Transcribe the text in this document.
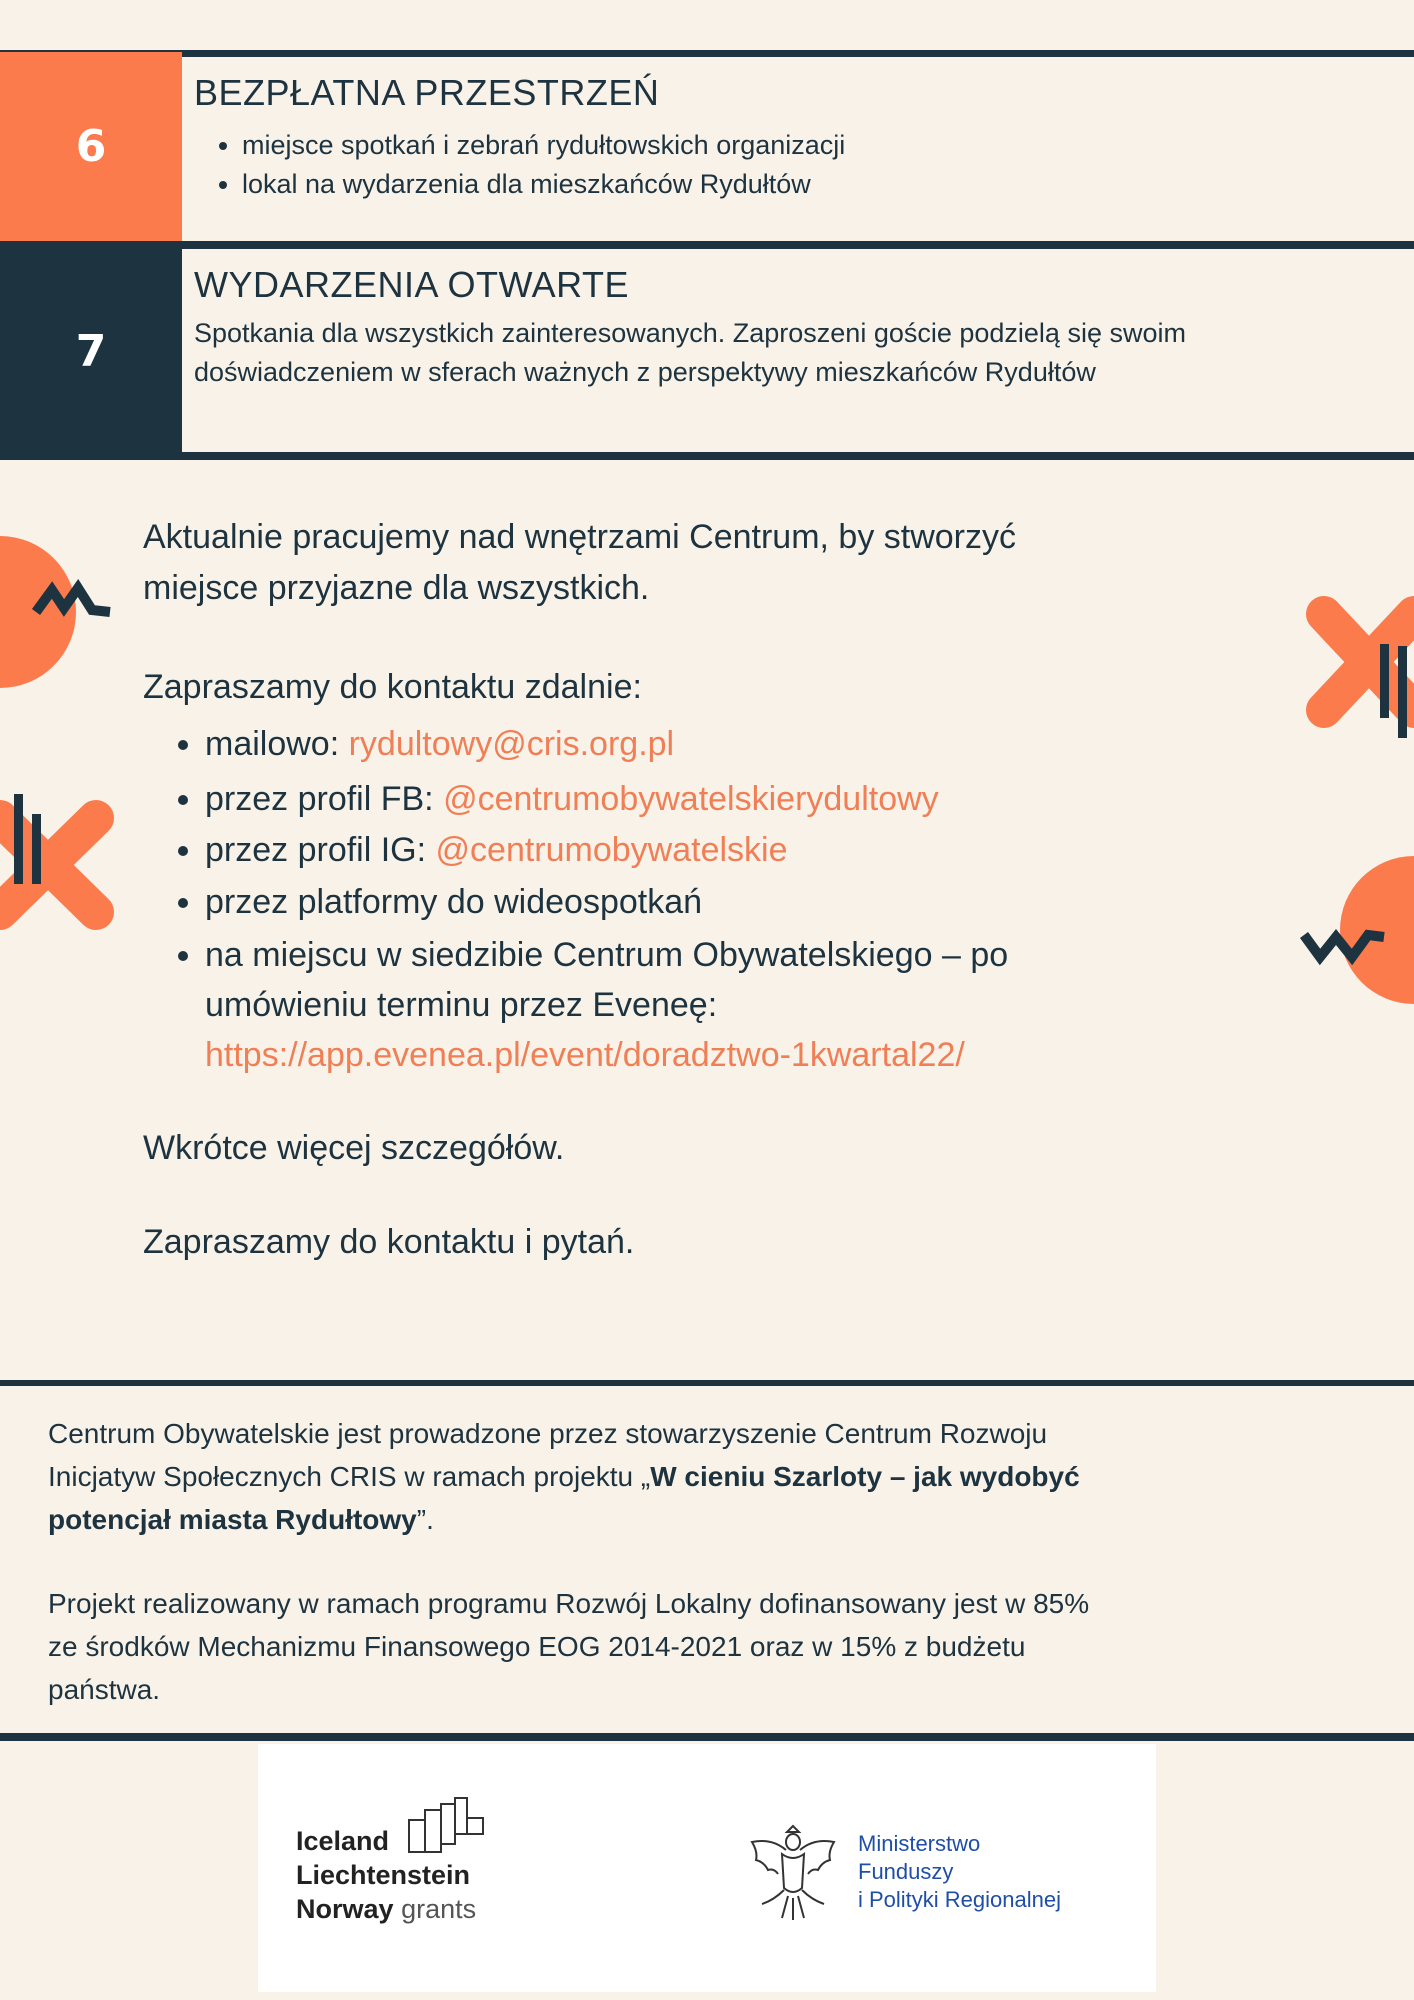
6
BEZPŁATNA PRZESTRZEŃ
• miejsce spotkań i zebrań rydułtowskich organizacji
• lokal na wydarzenia dla mieszkańców Rydułtów
7
WYDARZENIA OTWARTE
Spotkania dla wszystkich zainteresowanych. Zaproszeni goście podzielą się swoim
doświadczeniem w sferach ważnych z perspektywy mieszkańców Rydułtów

Aktualnie pracujemy nad wnętrzami Centrum, by stworzyć

miejsce przyjazne dla wszystkich.

Zapraszamy do kontaktu zdalnie:

• mailowo: rydultowy@cris.org.pl
• przez profil FB: @centrumobywatelskierydultowy
• przez profil IG: @centrumobywatelskie
• przez platformy do wideospotkań
• na miejscu w siedzibie Centrum Obywatelskiego – po
umówieniu terminu przez Eveneę:
https://app.evenea.pl/event/doradztwo-1kwartal22/

Wkrótce więcej szczegółów.

Zapraszamy do kontaktu i pytań.

Centrum Obywatelskie jest prowadzone przez stowarzyszenie Centrum Rozwoju

Inicjatyw Społecznych CRIS w ramach projektu „W cieniu Szarloty – jak wydobyć

potencjał miasta Rydułtowy”.

Projekt realizowany w ramach programu Rozwój Lokalny dofinansowany jest w 85%

ze środków Mechanizmu Finansowego EOG 2014-2021 oraz w 15% z budżetu

państwa.

Iceland
Liechtenstein
Norway grants
Ministerstwo
Funduszy
i Polityki Regionalnej
